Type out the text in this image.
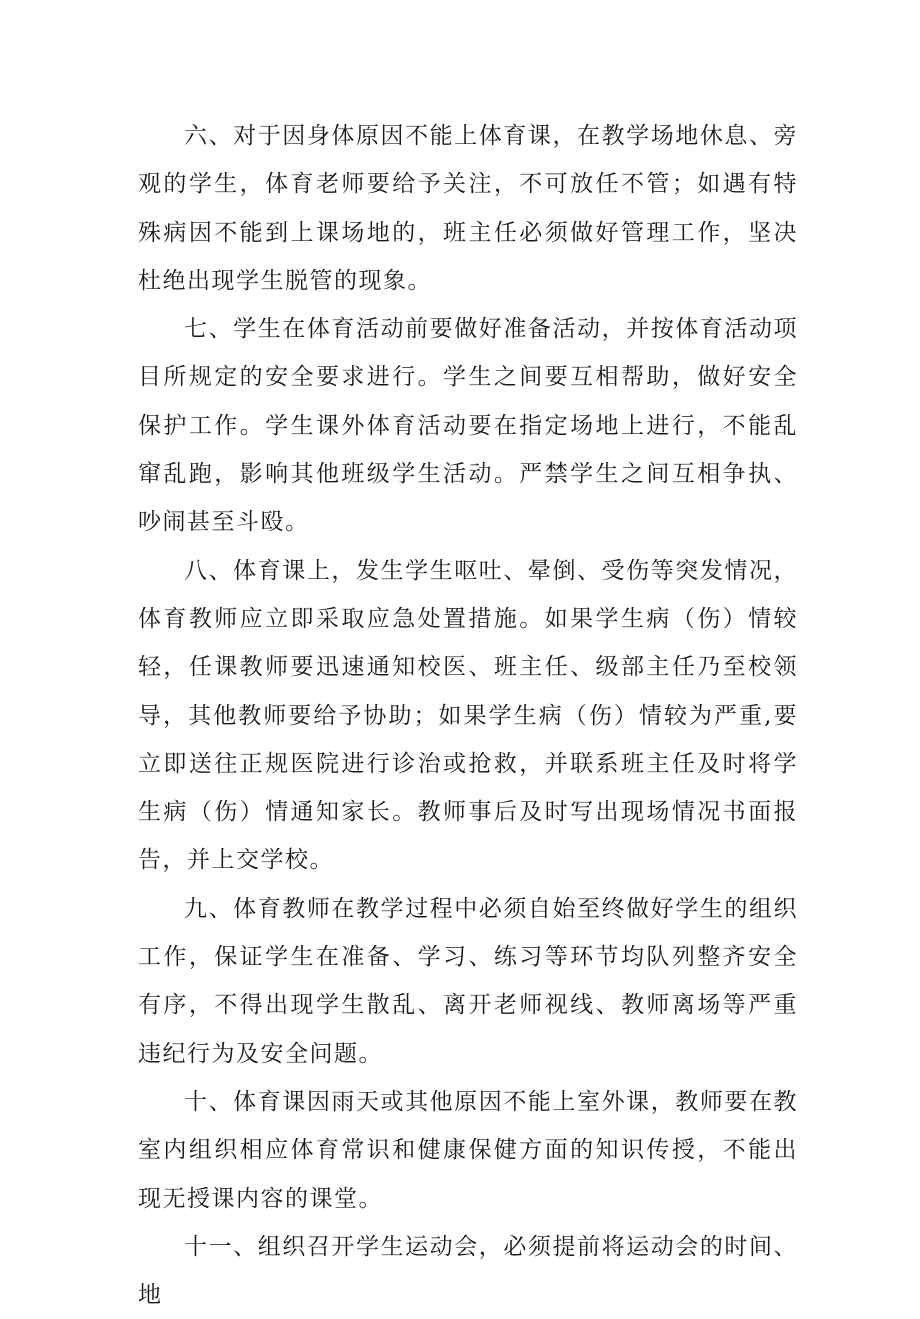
六、对于因身体原因不能上体育课，在教学场地休息、旁观的学生，体育老师要给予关注，不可放任不管；如遇有特殊病因不能到上课场地的，班主任必须做好管理工作，坚决杜绝出现学生脱管的现象。

七、学生在体育活动前要做好准备活动，并按体育活动项目所规定的安全要求进行。学生之间要互相帮助，做好安全保护工作。学生课外体育活动要在指定场地上进行，不能乱窜乱跑，影响其他班级学生活动。严禁学生之间互相争执、吵闹甚至斗殴。

八、体育课上，发生学生呕吐、晕倒、受伤等突发情况，体育教师应立即采取应急处置措施。如果学生病（伤）情较轻，任课教师要迅速通知校医、班主任、级部主任乃至校领导，其他教师要给予协助；如果学生病（伤）情较为严重,要立即送往正规医院进行诊治或抢救，并联系班主任及时将学生病（伤）情通知家长。教师事后及时写出现场情况书面报告，并上交学校。

九、体育教师在教学过程中必须自始至终做好学生的组织工作，保证学生在准备、学习、练习等环节均队列整齐安全有序，不得出现学生散乱、离开老师视线、教师离场等严重违纪行为及安全问题。

十、体育课因雨天或其他原因不能上室外课，教师要在教室内组织相应体育常识和健康保健方面的知识传授，不能出现无授课内容的课堂。

十一、组织召开学生运动会，必须提前将运动会的时间、地
